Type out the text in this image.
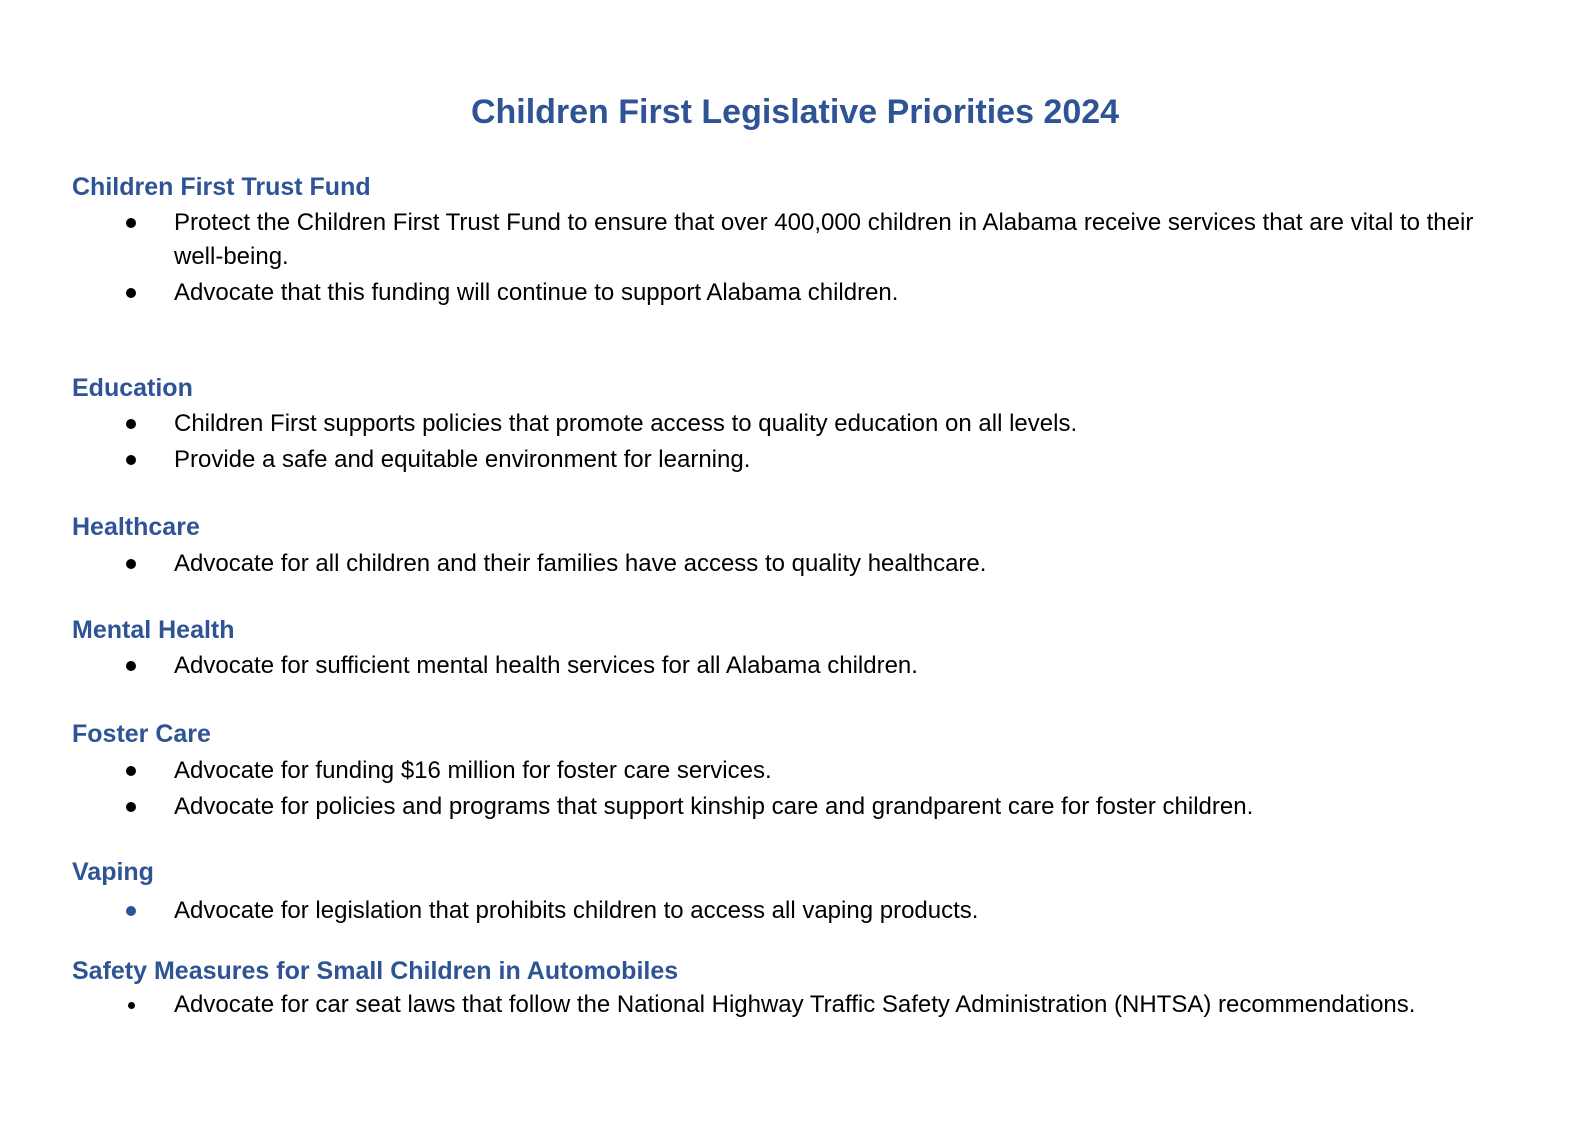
Children First Legislative Priorities 2024
Children First Trust Fund
Protect the Children First Trust Fund to ensure that over 400,000 children in Alabama receive services that are vital to their well-being.
Advocate that this funding will continue to support Alabama children.
Education
Children First supports policies that promote access to quality education on all levels.
Provide a safe and equitable environment for learning.
Healthcare
Advocate for all children and their families have access to quality healthcare.
Mental Health
Advocate for sufficient mental health services for all Alabama children.
Foster Care
Advocate for funding $16 million for foster care services.
Advocate for policies and programs that support kinship care and grandparent care for foster children.
Vaping
Advocate for legislation that prohibits children to access all vaping products.
Safety Measures for Small Children in Automobiles
Advocate for car seat laws that follow the National Highway Traffic Safety Administration (NHTSA) recommendations.
